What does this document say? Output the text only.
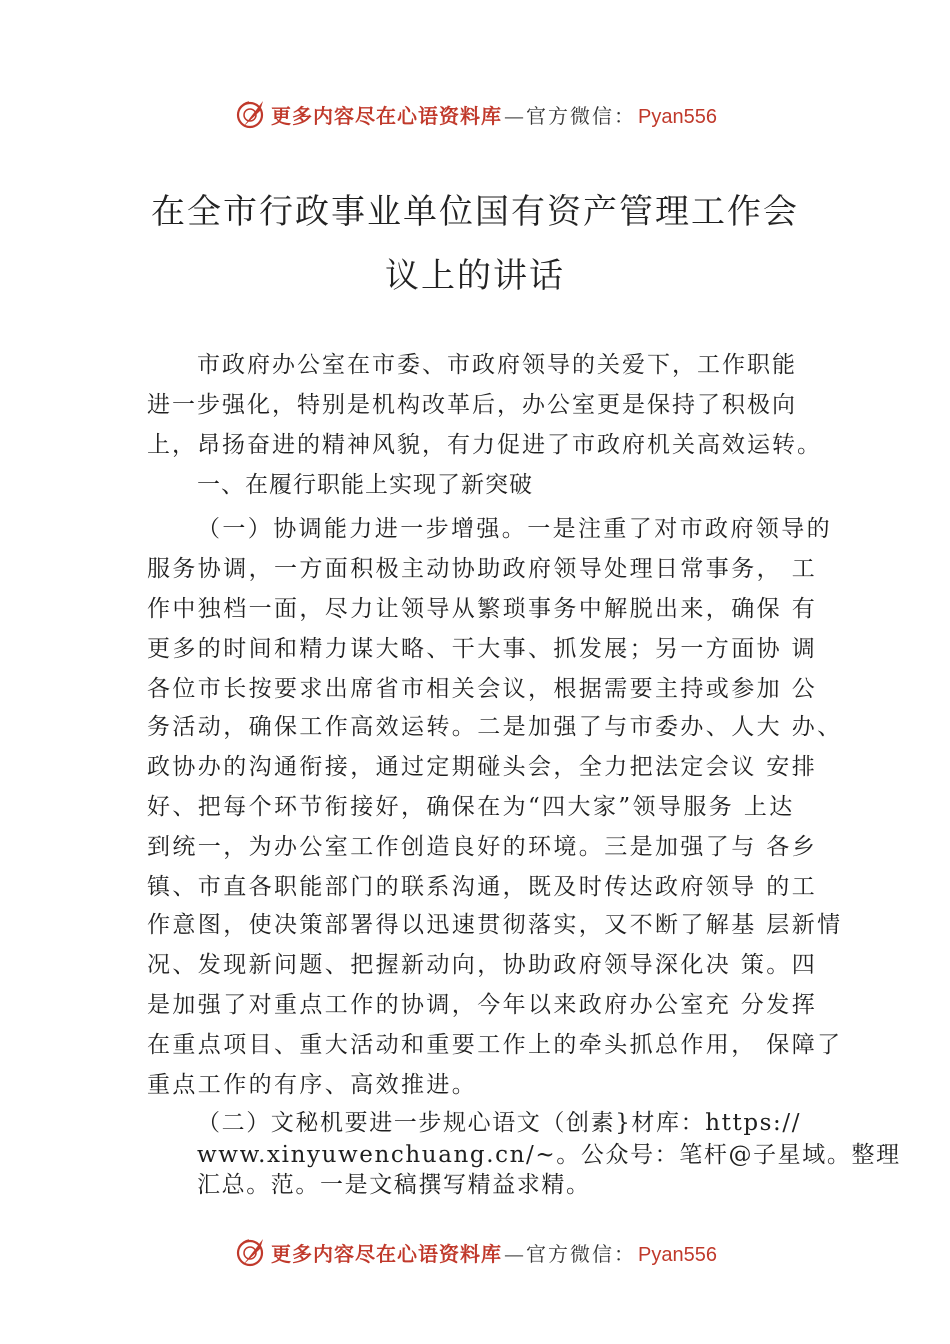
更多内容尽在心语资料库 — 官方微信： Pyan556
在全市行政事业单位国有资产管理工作会
议上的讲话

市政府办公室在市委、市政府领导的关爱下，工作职能

进一步强化，特别是机构改革后，办公室更是保持了积极向

上，昂扬奋进的精神风貌，有力促进了市政府机关高效运转。

一、在履行职能上实现了新突破

（一）协调能力进一步增强。一是注重了对市政府领导的

服务协调，一方面积极主动协助政府领导处理日常事务， 工

作中独档一面，尽力让领导从繁琐事务中解脱出来，确保 有

更多的时间和精力谋大略、干大事、抓发展；另一方面协 调

各位市长按要求出席省市相关会议，根据需要主持或参加 公

务活动，确保工作高效运转。二是加强了与市委办、人大 办、

政协办的沟通衔接，通过定期碰头会，全力把法定会议 安排

好、把每个环节衔接好，确保在为“四大家”领导服务 上达

到统一，为办公室工作创造良好的环境。三是加强了与 各乡

镇、市直各职能部门的联系沟通，既及时传达政府领导 的工

作意图，使决策部署得以迅速贯彻落实，又不断了解基 层新情

况、发现新问题、把握新动向，协助政府领导深化决 策。四

是加强了对重点工作的协调，今年以来政府办公室充 分发挥

在重点项目、重大活动和重要工作上的牵头抓总作用， 保障了

重点工作的有序、高效推进。

（二）文秘机要进一步规心语文（创素}材库：https://

www.xinyuwenchuang.cn/~。公众号：笔杆@子星域。整理

汇总。范。一是文稿撰写精益求精。

更多内容尽在心语资料库 — 官方微信： Pyan556
